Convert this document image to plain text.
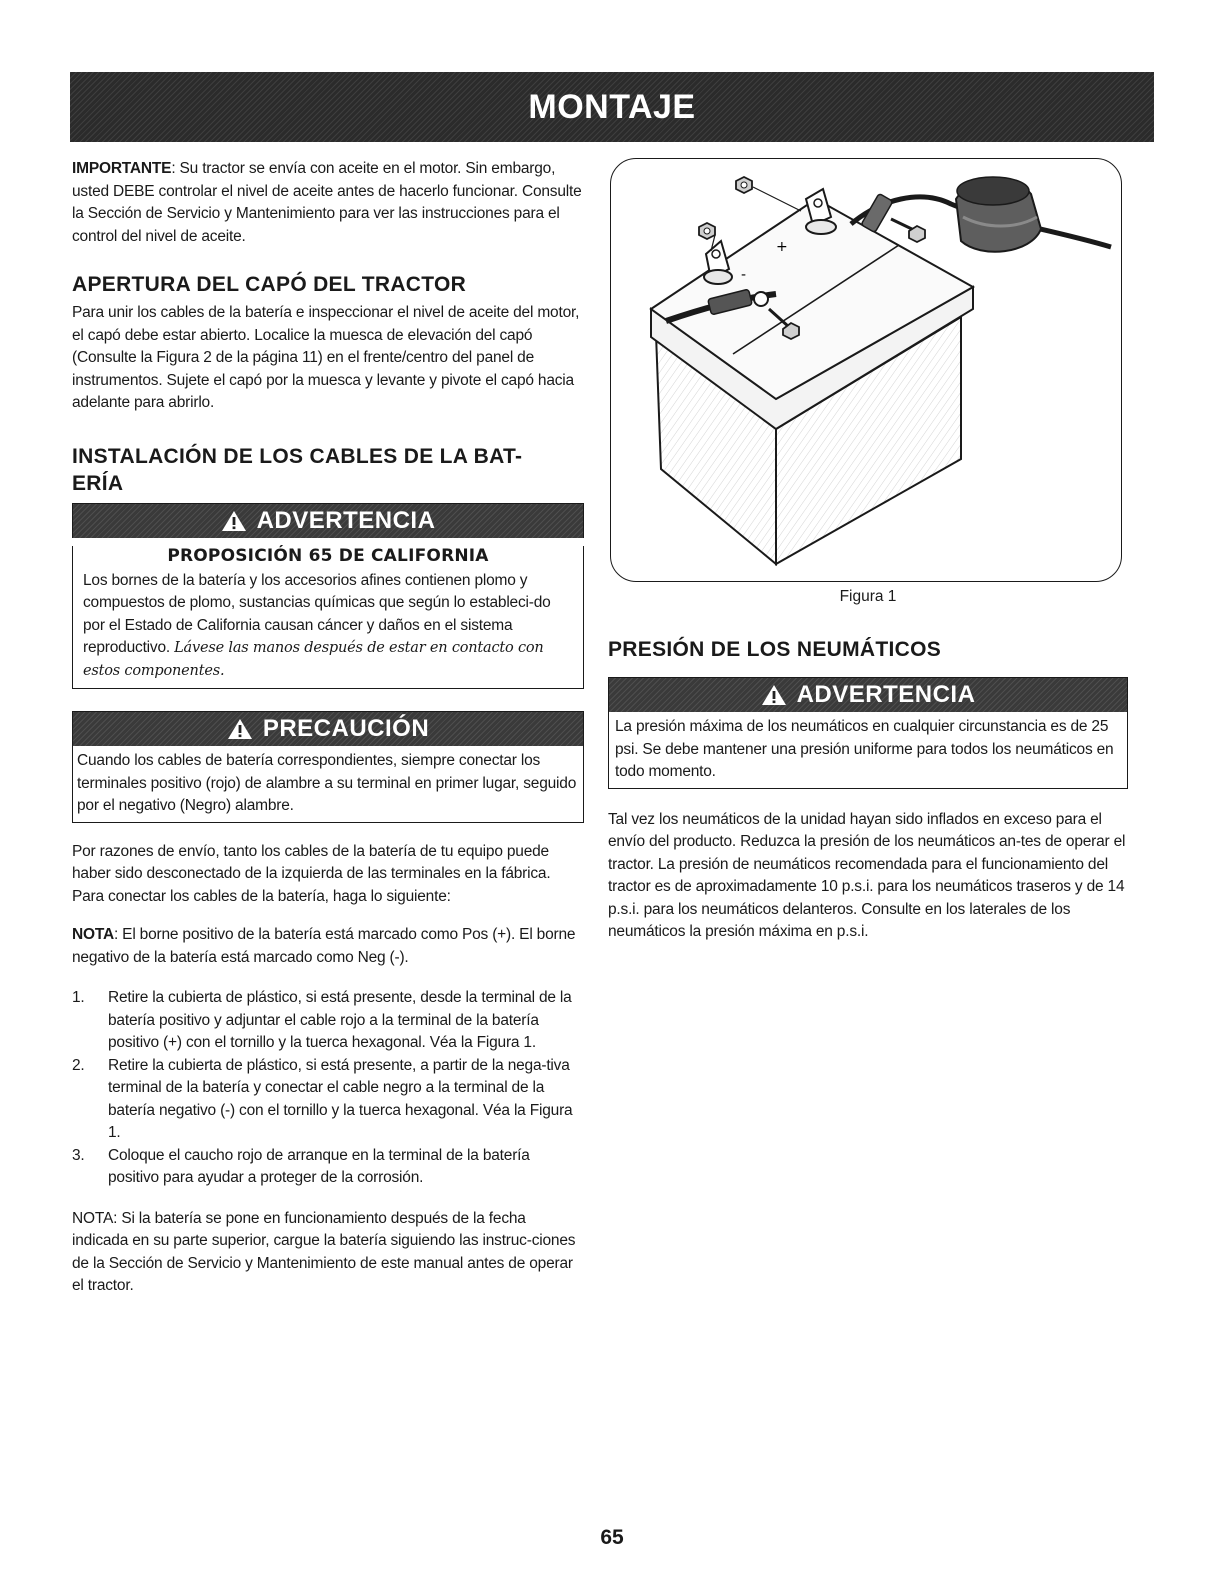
MONTAJE

IMPORTANTE: Su tractor se envía con aceite en el motor. Sin embargo, usted DEBE controlar el nivel de aceite antes de hacerlo funcionar. Consulte la Sección de Servicio y Mantenimiento para ver las instrucciones para el control del nivel de aceite.

APERTURA DEL CAPÓ DEL TRACTOR

Para unir los cables de la batería e inspeccionar el nivel de aceite del motor, el capó debe estar abierto. Localice la muesca de elevación del capó (Consulte la Figura 2 de la página 11) en el frente/centro del panel de instrumentos. Sujete el capó por la muesca y levante y pivote el capó hacia adelante para abrirlo.

INSTALACIÓN DE LOS CABLES DE LA BAT-
ERÍA
ADVERTENCIA
PROPOSICIÓN 65 DE CALIFORNIA

Los bornes de la batería y los accesorios afines contienen plomo y compuestos de plomo, sustancias químicas que según lo estableci-do por el Estado de California causan cáncer y daños en el sistema reproductivo. Lávese las manos después de estar en contacto con estos componentes.

PRECAUCIÓN

Cuando los cables de batería correspondientes, siempre conectar los terminales positivo (rojo) de alambre a su terminal en primer lugar, seguido por el negativo (Negro) alambre.

Por razones de envío, tanto los cables de la batería de tu equipo puede haber sido desconectado de la izquierda de las terminales en la fábrica. Para conectar los cables de la batería, haga lo siguiente:

NOTA: El borne positivo de la batería está marcado como Pos (+). El borne negativo de la batería está marcado como Neg (-).

1. Retire la cubierta de plástico, si está presente, desde la terminal de la batería positivo y adjuntar el cable rojo a la terminal de la batería positivo (+) con el tornillo y la tuerca hexagonal. Véa la Figura 1.
2. Retire la cubierta de plástico, si está presente, a partir de la nega-tiva terminal de la batería y conectar el cable negro a la terminal de la batería negativo (-) con el tornillo y la tuerca hexagonal. Véa la Figura 1.
3. Coloque el caucho rojo de arranque en la terminal de la batería positivo para ayudar a proteger de la corrosión.

NOTA: Si la batería se pone en funcionamiento después de la fecha indicada en su parte superior, cargue la batería siguiendo las instruc-ciones de la Sección de Servicio y Mantenimiento de este manual antes de operar el tractor.

-
+

Figura 1

PRESIÓN DE LOS NEUMÁTICOS
ADVERTENCIA

La presión máxima de los neumáticos en cualquier circunstancia es de 25 psi. Se debe mantener una presión uniforme para todos los neumáticos en todo momento.

Tal vez los neumáticos de la unidad hayan sido inflados en exceso para el envío del producto. Reduzca la presión de los neumáticos an-tes de operar el tractor. La presión de neumáticos recomendada para el funcionamiento del tractor es de aproximadamente 10 p.s.i. para los neumáticos traseros y de 14 p.s.i. para los neumáticos delanteros. Consulte en los laterales de los neumáticos la presión máxima en p.s.i.

65
